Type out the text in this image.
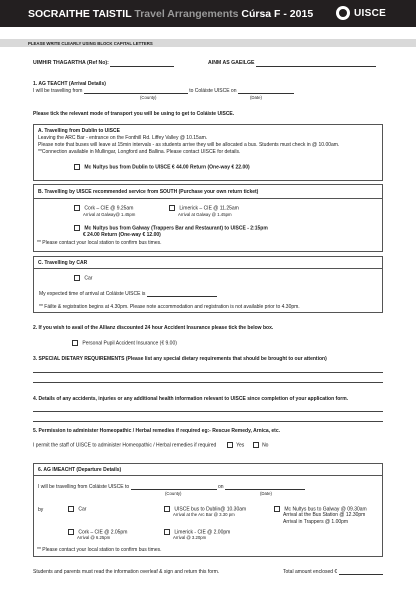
SOCRAITHE TAISTIL Travel Arrangements Cúrsa F - 2015	UISCE
PLEASE WRITE CLEARLY USING BLOCK CAPITAL LETTERS
UIMHIR THAGARTHA (Ref No):	AINM AS GAEILGE
1. AG TEACHT (Arrival Details)
I will be travelling from	to Coláiste UISCE on
(County)	(Date)
Please tick the relevant mode of transport you will be using to get to Coláiste UISCE.
A. Travelling from Dublin to UISCE
Leaving the ARC Bar - entrance on the Fonthill Rd. Liffey Valley @ 10.15am.
Please note that buses will leave at 15min intervals - as students arrive they will be allocated a bus. Students must check in @ 10.00am.
**Connection available in Mullingar, Longford and Ballina. Please contact UISCE for details.
Mc Nultys bus from Dublin to UISCE € 44.00 Return (One-way € 22.00)
B. Travelling by UISCE recommended service from SOUTH (Purchase your own return ticket)
Cork – CIE @ 9.25am
Arrival at Galway@ 1.45pm
Limerick – CIE @ 11.25am
Arrival at Galway @ 1.45pm
Mc Nultys bus from Galway (Trappers Bar and Restaurant) to UISCE - 2:15pm
€ 24.00 Return (One-way € 12.00)
** Please contact your local station to confirm bus times.
C. Travelling by CAR
Car
My expected time of arrival at Coláiste UISCE is
** Fáilte & registration begins at 4.30pm. Please note accommodation and registration is not available prior to 4.30pm.
2. If you wish to avail of the Allianz discounted 24 hour Accident Insurance please tick the below box.
Personal Pupil Accident Insurance (€ 9.00)
3. SPECIAL DIETARY REQUIREMENTS (Please list any special dietary requirements that should be brought to our attention)
4. Details of any accidents, injuries or any additional health information relevant to UISCE since completion of your application form.
5. Permission to administer Homeopathic / Herbal remedies if required eg:- Rescue Remedy, Arnica, etc.
I permit the staff of UISCE to administer Homeopathic / Herbal remedies if required	Yes	No
6. AG IMEACHT (Departure Details)
I will be travelling from Coláiste UISCE to	on
(County)	(Date)
by	Car	UISCE bus to Dublin@ 10.30am
Arrival at the Arc Bar @ 3.30 pm
Mc Nultys bus to Galway @ 09.30am
Arrival at the Bus Station @ 12.30pm
Arrival in Trappers @ 1.00pm
Cork – CIE @ 2.05pm
Arrival @ 6.25pm
Limerick - CIE @ 2.00pm
Arrival @ 3.20pm
** Please contact your local station to confirm bus times.
Students and parents must read the information overleaf & sign and return this form.	Total amount enclosed €
